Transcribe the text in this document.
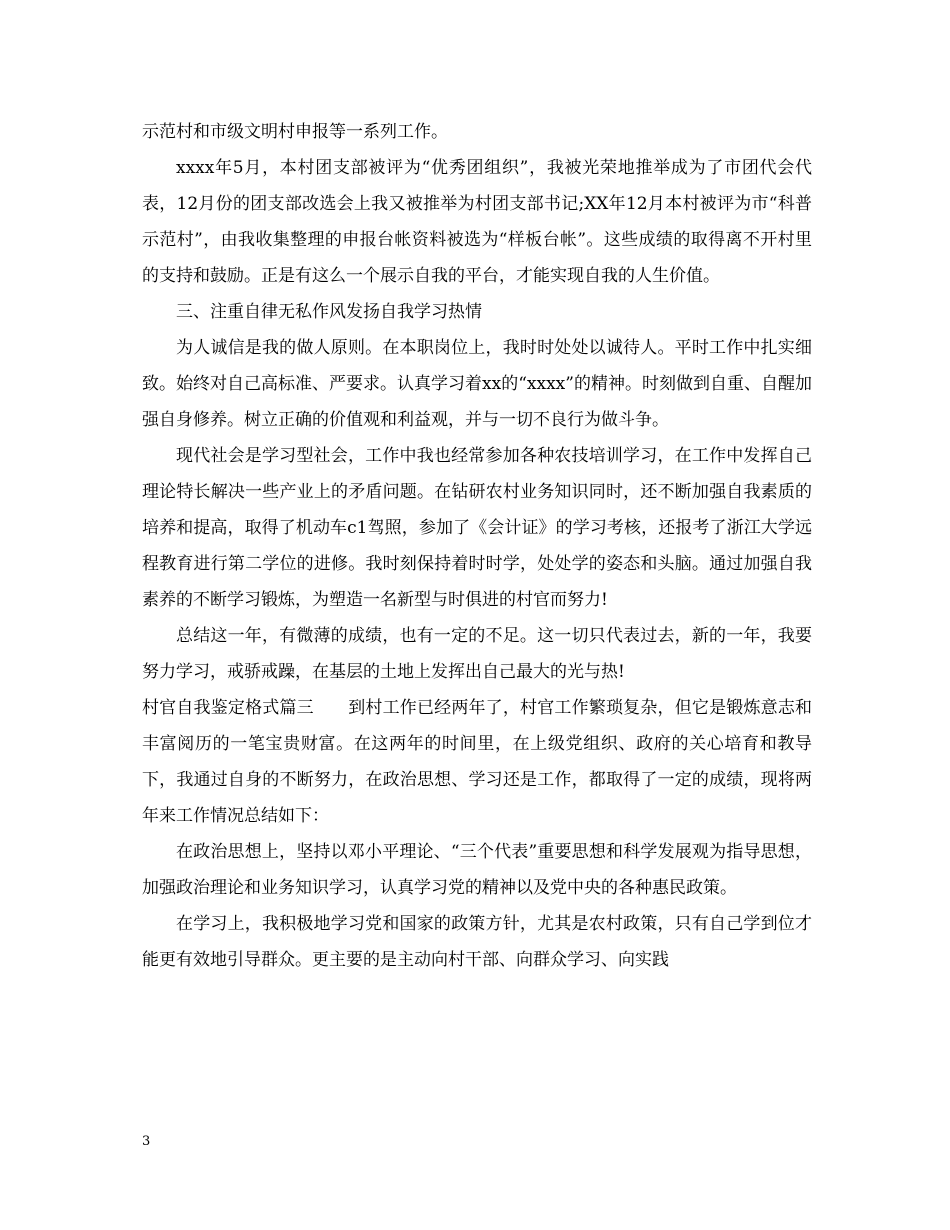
示范村和市级文明村申报等一系列工作。

xxxx年5月，本村团支部被评为“优秀团组织”，我被光荣地推举成为了市团代会代表，12月份的团支部改选会上我又被推举为村团支部书记;XX年12月本村被评为市“科普示范村”，由我收集整理的申报台帐资料被选为“样板台帐”。这些成绩的取得离不开村里的支持和鼓励。正是有这么一个展示自我的平台，才能实现自我的人生价值。

三、注重自律无私作风发扬自我学习热情

为人诚信是我的做人原则。在本职岗位上，我时时处处以诚待人。平时工作中扎实细致。始终对自己高标准、严要求。认真学习着xx的“xxxx”的精神。时刻做到自重、自醒加强自身修养。树立正确的价值观和利益观，并与一切不良行为做斗争。

现代社会是学习型社会，工作中我也经常参加各种农技培训学习，在工作中发挥自己理论特长解决一些产业上的矛盾问题。在钻研农村业务知识同时，还不断加强自我素质的培养和提高，取得了机动车c1驾照，参加了《会计证》的学习考核，还报考了浙江大学远程教育进行第二学位的进修。我时刻保持着时时学，处处学的姿态和头脑。通过加强自我素养的不断学习锻炼，为塑造一名新型与时俱进的村官而努力!

总结这一年，有微薄的成绩，也有一定的不足。这一切只代表过去，新的一年，我要努力学习，戒骄戒躁，在基层的土地上发挥出自己最大的光与热!

村官自我鉴定格式篇三　　到村工作已经两年了，村官工作繁琐复杂，但它是锻炼意志和丰富阅历的一笔宝贵财富。在这两年的时间里，在上级党组织、政府的关心培育和教导下，我通过自身的不断努力，在政治思想、学习还是工作，都取得了一定的成绩，现将两年来工作情况总结如下：

在政治思想上，坚持以邓小平理论、“三个代表”重要思想和科学发展观为指导思想，加强政治理论和业务知识学习，认真学习党的精神以及党中央的各种惠民政策。

在学习上，我积极地学习党和国家的政策方针，尤其是农村政策，只有自己学到位才能更有效地引导群众。更主要的是主动向村干部、向群众学习、向实践

3
